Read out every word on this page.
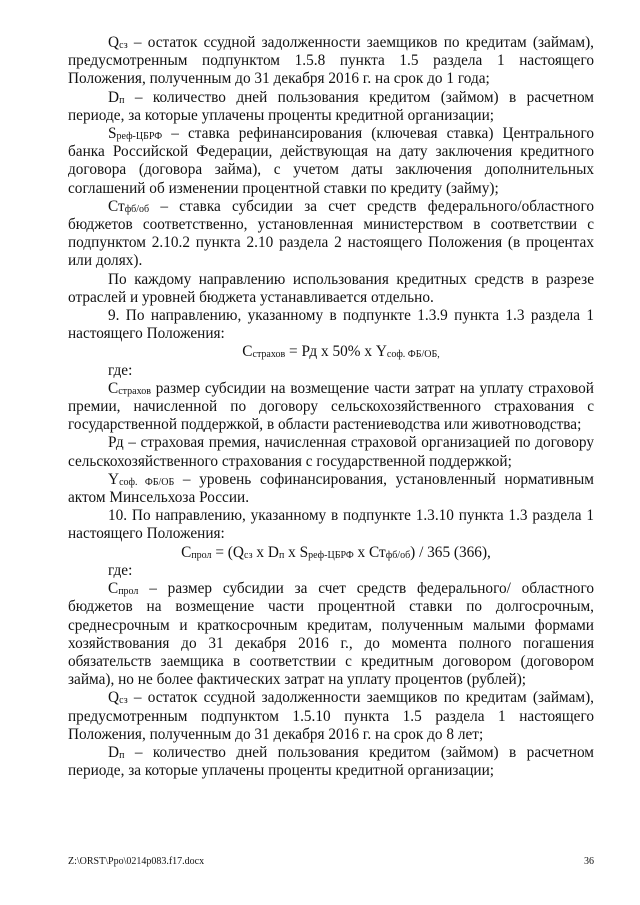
$Q_{сз}$ – остаток ссудной задолженности заемщиков по кредитам (займам), предусмотренным подпунктом 1.5.8 пункта 1.5 раздела 1 настоящего Положения, полученным до 31 декабря 2016 г. на срок до 1 года;

$D_п$ – количество дней пользования кредитом (займом) в расчетном периоде, за которые уплачены проценты кредитной организации;

$S_{реф-ЦБРФ}$ – ставка рефинансирования (ключевая ставка) Центрального банка Российской Федерации, действующая на дату заключения кредитного договора (договора займа), с учетом даты заключения дополнительных соглашений об изменении процентной ставки по кредиту (займу);

$Ст_{фб/об}$ – ставка субсидии за счет средств федерального/областного бюджетов соответственно, установленная министерством в соответствии с подпунктом 2.10.2 пункта 2.10 раздела 2 настоящего Положения (в процентах или долях).

По каждому направлению использования кредитных средств в разрезе отраслей и уровней бюджета устанавливается отдельно.

9. По направлению, указанному в подпункте 1.3.9 пункта 1.3 раздела 1 настоящего Положения:

$С_{страхов}$ = Рд х 50% х $Y_{соф. ФБ/ОБ,}$

где:

$С_{страхов}$ размер субсидии на возмещение части затрат на уплату страховой премии, начисленной по договору сельскохозяйственного страхования с государственной поддержкой, в области растениеводства или животноводства;

Рд – страховая премия, начисленная страховой организацией по договору сельскохозяйственного страхования с государственной поддержкой;

$Y_{соф. ФБ/ОБ}$ – уровень софинансирования, установленный нормативным актом Минсельхоза России.

10. По направлению, указанному в подпункте 1.3.10 пункта 1.3 раздела 1 настоящего Положения:

$С_{прол} = (Q_{сз}$ х $D_п$ х $S_{реф-ЦБРФ}$ х $Ст_{фб/об}) / 365$ (366),

где:

$С_{прол}$ – размер субсидии за счет средств федерального/ областного бюджетов на возмещение части процентной ставки по долгосрочным, среднесрочным и краткосрочным кредитам, полученным малыми формами хозяйствования до 31 декабря 2016 г., до момента полного погашения обязательств заемщика в соответствии с кредитным договором (договором займа), но не более фактических затрат на уплату процентов (рублей);

$Q_{сз}$ – остаток ссудной задолженности заемщиков по кредитам (займам), предусмотренным подпунктом 1.5.10 пункта 1.5 раздела 1 настоящего Положения, полученным до 31 декабря 2016 г. на срок до 8 лет;

$D_п$ – количество дней пользования кредитом (займом) в расчетном периоде, за которые уплачены проценты кредитной организации;

Z:\ORST\Ppo\0214p083.f17.docx	36
